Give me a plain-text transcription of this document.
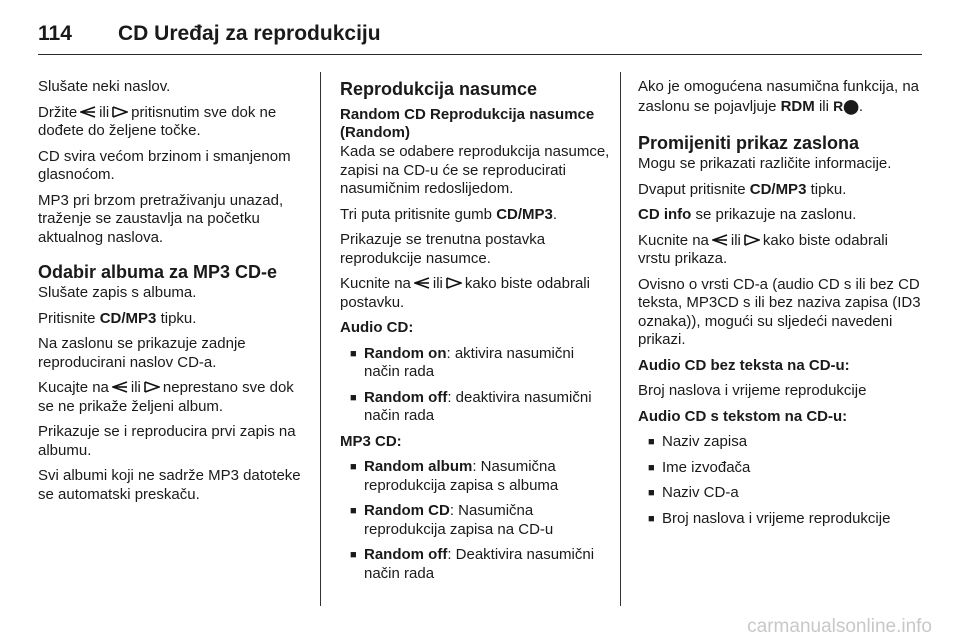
114	CD Uređaj za reprodukciju

Slušate neki naslov.

Držite ili pritisnutim sve dok ne dođete do željene točke.

CD svira većom brzinom i smanjenom glasnoćom.

MP3 pri brzom pretraživanju unazad, traženje se zaustavlja na početku aktualnog naslova.

Odabir albuma za MP3 CD-e

Slušate zapis s albuma.

Pritisnite CD/MP3 tipku.

Na zaslonu se prikazuje zadnje reproducirani naslov CD-a.

Kucajte na ili neprestano sve dok se ne prikaže željeni album.

Prikazuje se i reproducira prvi zapis na albumu.

Svi albumi koji ne sadrže MP3 datoteke se automatski preskaču.

Reprodukcija nasumce
Random CD Reprodukcija nasumce (Random)

Kada se odabere reprodukcija nasumce, zapisi na CD-u će se reproducirati nasumičnim redoslijedom.

Tri puta pritisnite gumb CD/MP3.

Prikazuje se trenutna postavka reprodukcije nasumce.

Kucnite na ili kako biste odabrali postavku.

Audio CD:

■ Random on: aktivira nasumični način rada
■ Random off: deaktivira nasumični način rada

MP3 CD:

■ Random album: Nasumična reprodukcija zapisa s albuma
■ Random CD: Nasumična reprodukcija zapisa na CD-u
■ Random off: Deaktivira nasumični način rada

Ako je omogućena nasumična funkcija, na zaslonu se pojavljuje RDM ili R⬤.

Promijeniti prikaz zaslona

Mogu se prikazati različite informacije.

Dvaput pritisnite CD/MP3 tipku.

CD info se prikazuje na zaslonu.

Kucnite na ili kako biste odabrali vrstu prikaza.

Ovisno o vrsti CD-a (audio CD s ili bez CD teksta, MP3CD s ili bez naziva zapisa (ID3 oznaka)), mogući su sljedeći navedeni prikazi.

Audio CD bez teksta na CD-u:

Broj naslova i vrijeme reprodukcije

Audio CD s tekstom na CD-u:

■ Naziv zapisa
■ Ime izvođača
■ Naziv CD-a
■ Broj naslova i vrijeme reprodukcije
carmanualsonline.info
